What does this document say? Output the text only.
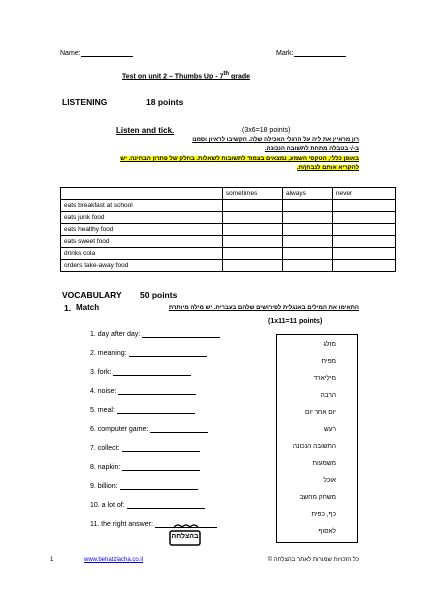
Name:	Mark:
Test on unit 2 – Thumbs Up - 7th grade
LISTENING	18 points
Listen and tick.	(3x6=18 points)
רון מראיין את ליה על הרגלי האכילה שלה. הקשיבו לראיון וסמנו
ב-√ בטבלה מתחת לתשובה הנכונה.
באופן כללי, הטקסי השמע, נמצאים בצמוד לתשובות לשאלות. בחלק של פתרון הבחינה. יש
להקריא אותם לנבחן/ת.
	sometimes	always	never
eats breakfast at school			
eats junk food			
eats healthy food			
eats sweet food			
drinks cola			
orders take-away food			
VOCABULARY 50 points
1. Match	התאימו את המילים באנגלית לפירושים שלהם בעברית. יש מילה מיותרת
(1x11=11 points)
1. day after day:
2. meaning:
3. fork:
4. noise:
5. meal:
6. computer game:
7. collect:
8. napkin:
9. billion:
10. a lot of:
11. the right answer:
מזלג
מפית
מיליארד
הרבה
יום אחר יום
רעש
התשובה הנכונה
משמעות
אוכל
משחק מחשב
כף, כפית
לאסוף
בהצלחה
1	www.behatzlacha.co.il	כל הזכויות שמורות לאתר בהצלחה ©
